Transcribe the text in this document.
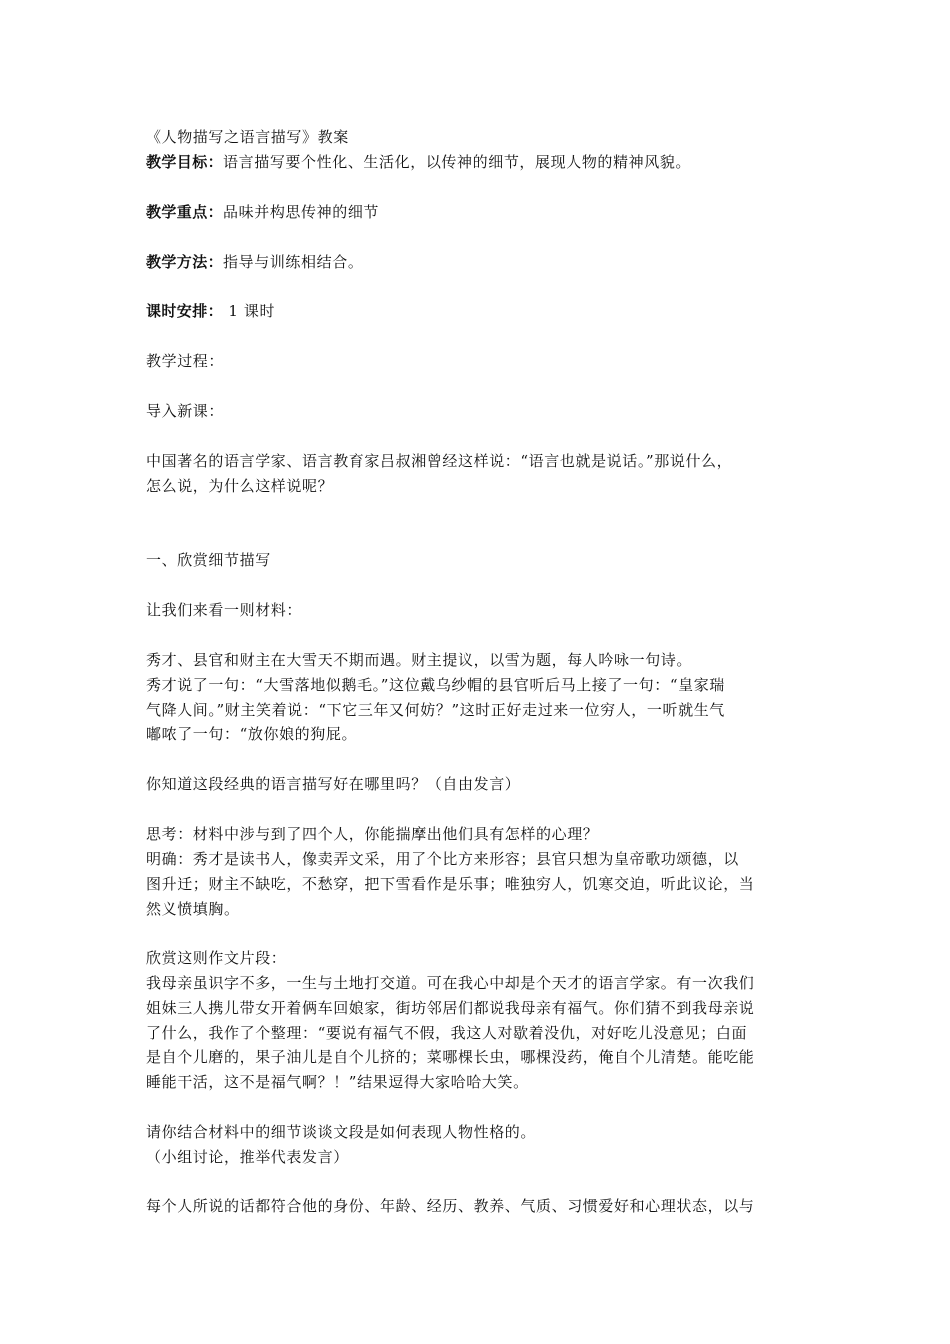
《人物描写之语言描写》教案
教学目标：语言描写要个性化、生活化，以传神的细节，展现人物的精神风貌。
教学重点：品味并构思传神的细节
教学方法：指导与训练相结合。
课时安排： 1 课时
教学过程：
导入新课：
中国著名的语言学家、语言教育家吕叔湘曾经这样说：“语言也就是说话。”那说什么，
怎么说，为什么这样说呢？
一、欣赏细节描写
让我们来看一则材料：
秀才、县官和财主在大雪天不期而遇。财主提议，以雪为题，每人吟咏一句诗。
秀才说了一句：“大雪落地似鹅毛。”这位戴乌纱帽的县官听后马上接了一句：“皇家瑞
气降人间。”财主笑着说：“下它三年又何妨？”这时正好走过来一位穷人，一听就生气
嘟哝了一句：“放你娘的狗屁。
你知道这段经典的语言描写好在哪里吗？（自由发言）
思考：材料中涉与到了四个人，你能揣摩出他们具有怎样的心理？
明确：秀才是读书人，像卖弄文采，用了个比方来形容；县官只想为皇帝歌功颂德，以
图升迁；财主不缺吃，不愁穿，把下雪看作是乐事；唯独穷人，饥寒交迫，听此议论，当
然义愤填胸。
欣赏这则作文片段：
我母亲虽识字不多，一生与土地打交道。可在我心中却是个天才的语言学家。有一次我们
姐妹三人携儿带女开着俩车回娘家，街坊邻居们都说我母亲有福气。你们猜不到我母亲说
了什么，我作了个整理：“要说有福气不假，我这人对歇着没仇，对好吃儿没意见；白面
是自个儿磨的，果子油儿是自个儿挤的；菜哪棵长虫，哪棵没药，俺自个儿清楚。能吃能
睡能干活，这不是福气啊？！”结果逗得大家哈哈大笑。
请你结合材料中的细节谈谈文段是如何表现人物性格的。
（小组讨论，推举代表发言）
每个人所说的话都符合他的身份、年龄、经历、教养、气质、习惯爱好和心理状态，以与
